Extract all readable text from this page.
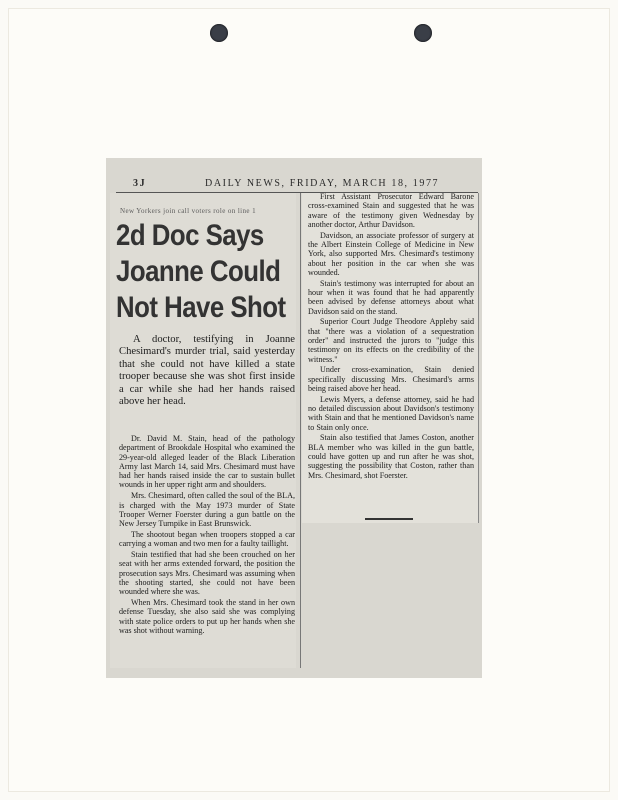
3J	DAILY NEWS, FRIDAY, MARCH 18, 1977
New Yorkers join call voters role on line 1
2d Doc Says
Joanne Could
Not Have Shot
A doctor, testifying in Joanne Chesimard's murder trial, said yesterday that she could not have killed a state trooper because she was shot first inside a car while she had her hands raised above her head.

Dr. David M. Stain, head of the pathology department of Brookdale Hospital who examined the 29-year-old alleged leader of the Black Liberation Army last March 14, said Mrs. Chesimard must have had her hands raised inside the car to sustain bullet wounds in her upper right arm and shoulders.

Mrs. Chesimard, often called the soul of the BLA, is charged with the May 1973 murder of State Trooper Werner Foerster during a gun battle on the New Jersey Turnpike in East Brunswick.

The shootout began when troopers stopped a car carrying a woman and two men for a faulty taillight.

Stain testified that had she been crouched on her seat with her arms extended forward, the position the prosecution says Mrs. Chesimard was assuming when the shooting started, she could not have been wounded where she was.

When Mrs. Chesimard took the stand in her own defense Tuesday, she also said she was complying with state police orders to put up her hands when she was shot without warning.

First Assistant Prosecutor Edward Barone cross-examined Stain and suggested that he was aware of the testimony given Wednesday by another doctor, Arthur Davidson.

Davidson, an associate professor of surgery at the Albert Einstein College of Medicine in New York, also supported Mrs. Chesimard's testimony about her position in the car when she was wounded.

Stain's testimony was interrupted for about an hour when it was found that he had apparently been advised by defense attorneys about what Davidson said on the stand.

Superior Court Judge Theodore Appleby said that "there was a violation of a sequestration order" and instructed the jurors to "judge this testimony on its effects on the credibility of the witness."

Under cross-examination, Stain denied specifically discussing Mrs. Chesimard's arms being raised above her head.

Lewis Myers, a defense attorney, said he had no detailed discussion about Davidson's testimony with Stain and that he mentioned Davidson's name to Stain only once.

Stain also testified that James Coston, another BLA member who was killed in the gun battle, could have gotten up and run after he was shot, suggesting the possibility that Coston, rather than Mrs. Chesimard, shot Foerster.
